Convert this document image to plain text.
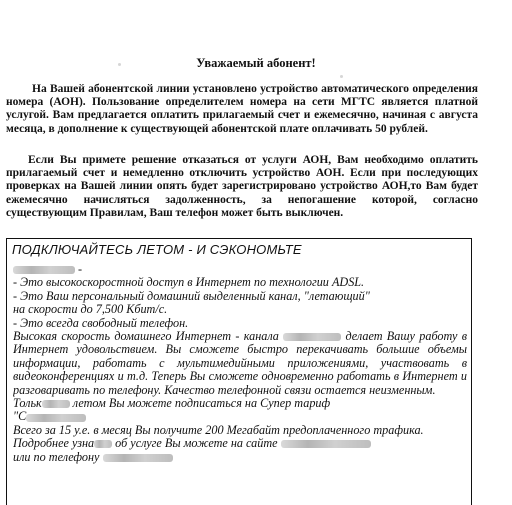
Уважаемый абонент!

На Вашей абонентской линии установлено устройство автоматического определения номера (АОН). Пользование определителем номера на сети МГТС является платной услугой. Вам предлагается оплатить прилагаемый счет и ежемесячно, начиная с августа месяца, в дополнение к существующей абонентской плате оплачивать 50 рублей.

Если Вы примете решение отказаться от услуги АОН, Вам необходимо оплатить прилагаемый счет и немедленно отключить устройство АОН. Если при последующих проверках на Вашей линии опять будет зарегистрировано устройство АОН,то Вам будет ежемесячно начисляться задолженность, за непогашение которой, согласно существующим Правилам, Ваш телефон может быть выключен.

ПОДКЛЮЧАЙТЕСЬ ЛЕТОМ - И СЭКОНОМЬТЕ
-
- Это высокоскоростной доступ в Интернет по технологии ADSL.
- Это Ваш персональный домашний выделенный канал, "летающий"
на скорости до 7,500 Кбит/с.
- Это всегда свободный телефон.
Высокая скорость домашнего Интернет - канала	делает Вашу работу в Интернет удовольствием. Вы сможете быстро перекачивать большие объемы информации, работать с мультимедийными приложениями, участвовать в видеоконференциях и т.д. Теперь Вы сможете одновременно работать в Интернет и разговаривать по телефону. Качество телефонной связи остается неизменным.
Тольк	летом Вы можете подписаться на Супер тариф
"С
Всего за 15 у.е. в месяц Вы получите 200 Мегабайт предоплаченного трафика.
Подробнее узна об услуге Вы можете на сайте
или по телефону
